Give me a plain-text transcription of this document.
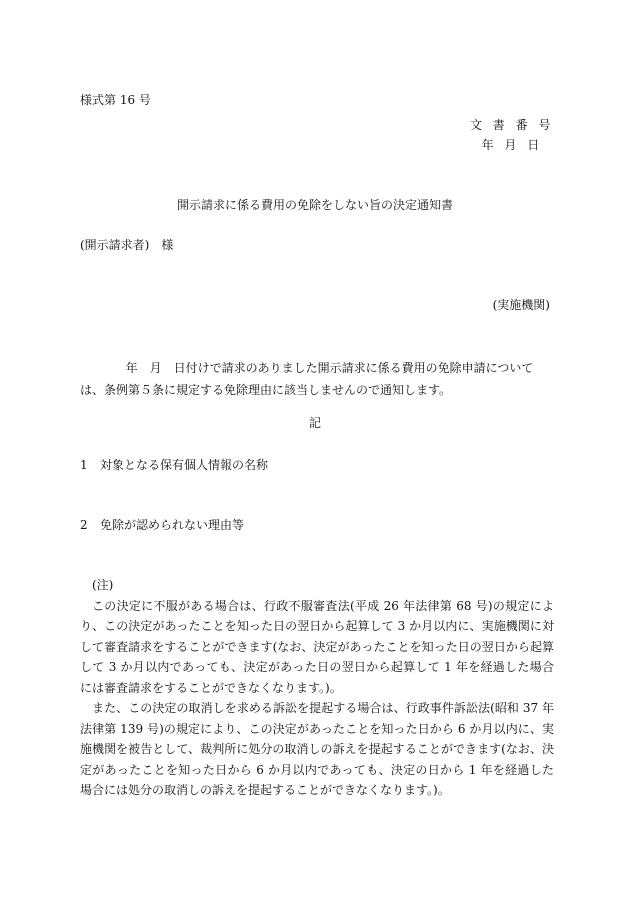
様式第 16 号
文書番号
年月日
開示請求に係る費用の免除をしない旨の決定通知書
(開示請求者)　様
(実施機関)

年　月　日付けで請求のありました開示請求に係る費用の免除申請については、条例第５条に規定する免除理由に該当しませんので通知します。

記
1 対象となる保有個人情報の名称
2 免除が認められない理由等

(注)

この決定に不服がある場合は、行政不服審査法(平成 26 年法律第 68 号)の規定により、この決定があったことを知った日の翌日から起算して 3 か月以内に、実施機関に対して審査請求をすることができます(なお、決定があったことを知った日の翌日から起算して 3 か月以内であっても、決定があった日の翌日から起算して 1 年を経過した場合には審査請求をすることができなくなります。)。

また、この決定の取消しを求める訴訟を提起する場合は、行政事件訴訟法(昭和 37 年法律第 139 号)の規定により、この決定があったことを知った日から 6 か月以内に、実施機関を被告として、裁判所に処分の取消しの訴えを提起することができます(なお、決定があったことを知った日から 6 か月以内であっても、決定の日から 1 年を経過した場合には処分の取消しの訴えを提起することができなくなります。)。
